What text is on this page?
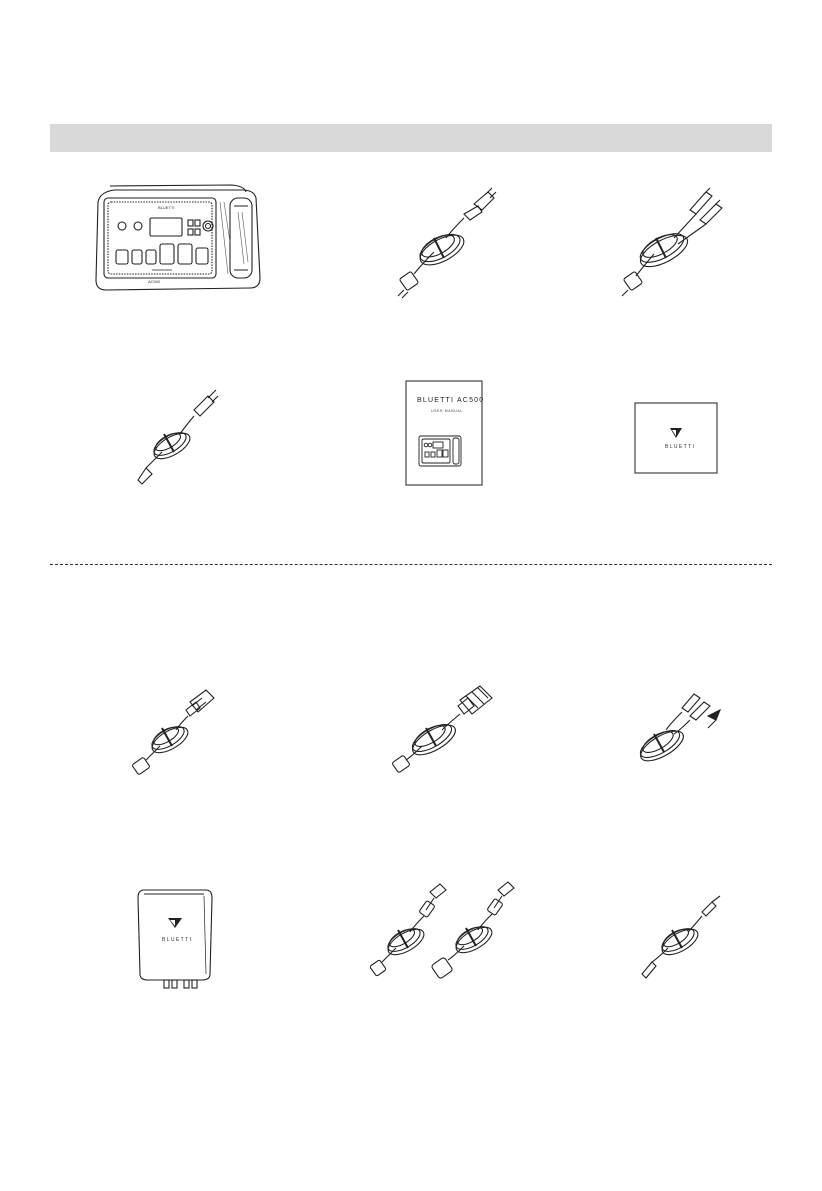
AC500
BLUETTI
BLUETTI AC500
USER MANUAL
BLUETTI
BLUETTI
